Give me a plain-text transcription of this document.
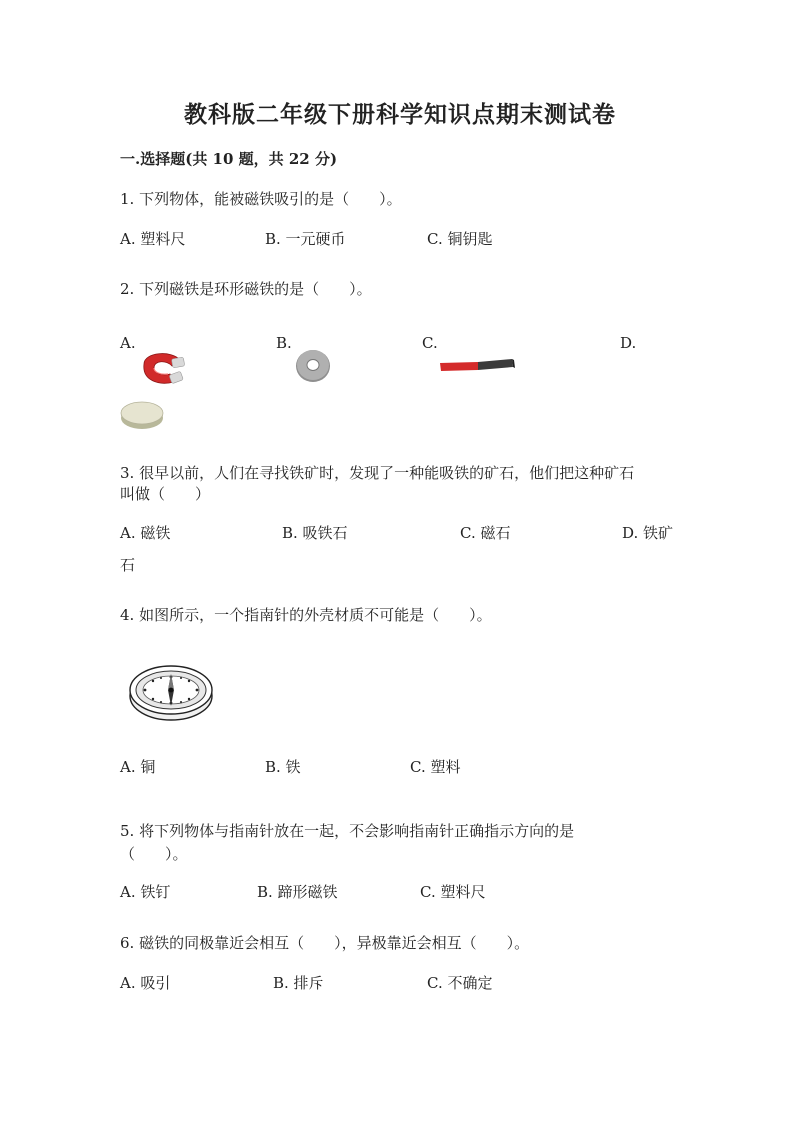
教科版二年级下册科学知识点期末测试卷
一.选择题(共 10 题，共 22 分)
1. 下列物体，能被磁铁吸引的是（　　）。
A. 塑料尺	B. 一元硬币	C. 铜钥匙
2. 下列磁铁是环形磁铁的是（　　）。
A.	B.	C.	D.
3. 很早以前，人们在寻找铁矿时，发现了一种能吸铁的矿石，他们把这种矿石
叫做（　　）
A. 磁铁	B. 吸铁石	C. 磁石	D. 铁矿
石
4. 如图所示，一个指南针的外壳材质不可能是（　　）。
A. 铜	B. 铁	C. 塑料
5. 将下列物体与指南针放在一起，不会影响指南针正确指示方向的是
（　　）。
A. 铁钉	B. 蹄形磁铁	C. 塑料尺
6. 磁铁的同极靠近会相互（　　），异极靠近会相互（　　）。
A. 吸引	B. 排斥	C. 不确定
